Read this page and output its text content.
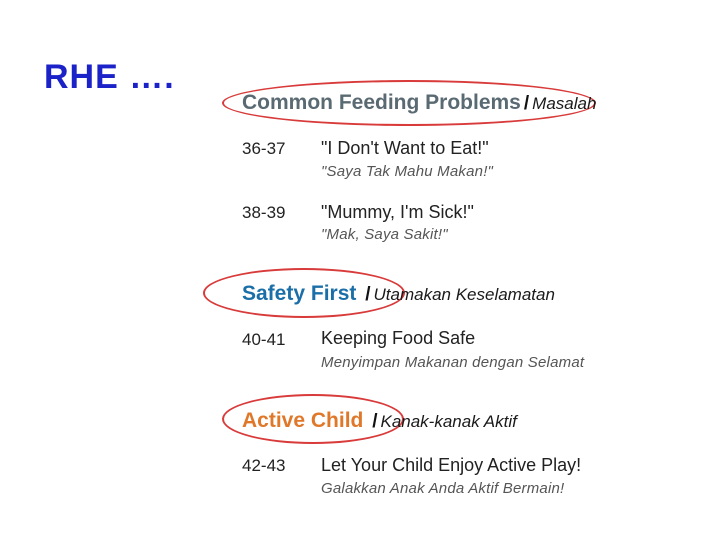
RHE ….
Common Feeding Problems / Masalah
36-37 "I Don't Want to Eat!"
"Saya Tak Mahu Makan!"
38-39 "Mummy, I'm Sick!"
"Mak, Saya Sakit!"
Safety First / Utamakan Keselamatan
40-41 Keeping Food Safe
Menyimpan Makanan dengan Selamat
Active Child / Kanak-kanak Aktif
42-43 Let Your Child Enjoy Active Play!
Galakkan Anak Anda Aktif Bermain!
